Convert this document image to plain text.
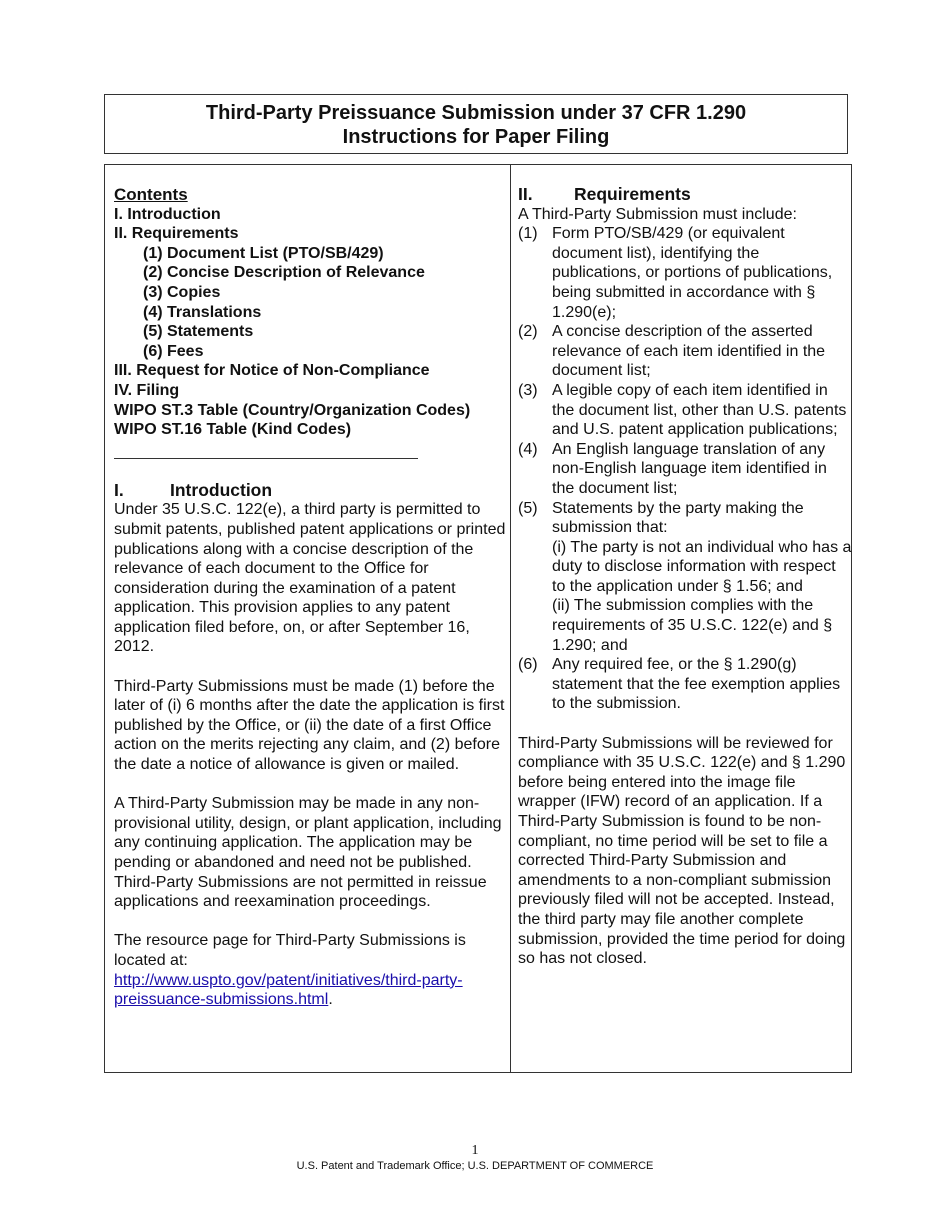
Third-Party Preissuance Submission under 37 CFR 1.290
Instructions for Paper Filing
Contents
I. Introduction
II. Requirements
(1) Document List (PTO/SB/429)
(2) Concise Description of Relevance
(3) Copies
(4) Translations
(5) Statements
(6) Fees
III. Request for Notice of Non-Compliance
IV. Filing
WIPO ST.3 Table (Country/Organization Codes)
WIPO ST.16 Table (Kind Codes)
I.	Introduction

Under 35 U.S.C. 122(e), a third party is permitted to submit patents, published patent applications or printed publications along with a concise description of the relevance of each document to the Office for consideration during the examination of a patent application. This provision applies to any patent application filed before, on, or after September 16, 2012.

Third-Party Submissions must be made (1) before the later of (i) 6 months after the date the application is first published by the Office, or (ii) the date of a first Office action on the merits rejecting any claim, and (2) before the date a notice of allowance is given or mailed.

A Third-Party Submission may be made in any non-provisional utility, design, or plant application, including any continuing application. The application may be pending or abandoned and need not be published. Third-Party Submissions are not permitted in reissue applications and reexamination proceedings.

The resource page for Third-Party Submissions is located at:
http://www.uspto.gov/patent/initiatives/third-party-preissuance-submissions.html.

II.	Requirements

A Third-Party Submission must include:

(1) Form PTO/SB/429 (or equivalent document list), identifying the publications, or portions of publications, being submitted in accordance with § 1.290(e);
(2) A concise description of the asserted relevance of each item identified in the document list;
(3) A legible copy of each item identified in the document list, other than U.S. patents and U.S. patent application publications;
(4) An English language translation of any non-English language item identified in the document list;
(5) Statements by the party making the submission that:
(i) The party is not an individual who has a duty to disclose information with respect to the application under § 1.56; and
(ii) The submission complies with the requirements of 35 U.S.C. 122(e) and § 1.290; and
(6) Any required fee, or the § 1.290(g) statement that the fee exemption applies to the submission.

Third-Party Submissions will be reviewed for compliance with 35 U.S.C. 122(e) and § 1.290 before being entered into the image file wrapper (IFW) record of an application. If a Third-Party Submission is found to be non-compliant, no time period will be set to file a corrected Third-Party Submission and amendments to a non-compliant submission previously filed will not be accepted. Instead, the third party may file another complete submission, provided the time period for doing so has not closed.

1
U.S. Patent and Trademark Office; U.S. DEPARTMENT OF COMMERCE
